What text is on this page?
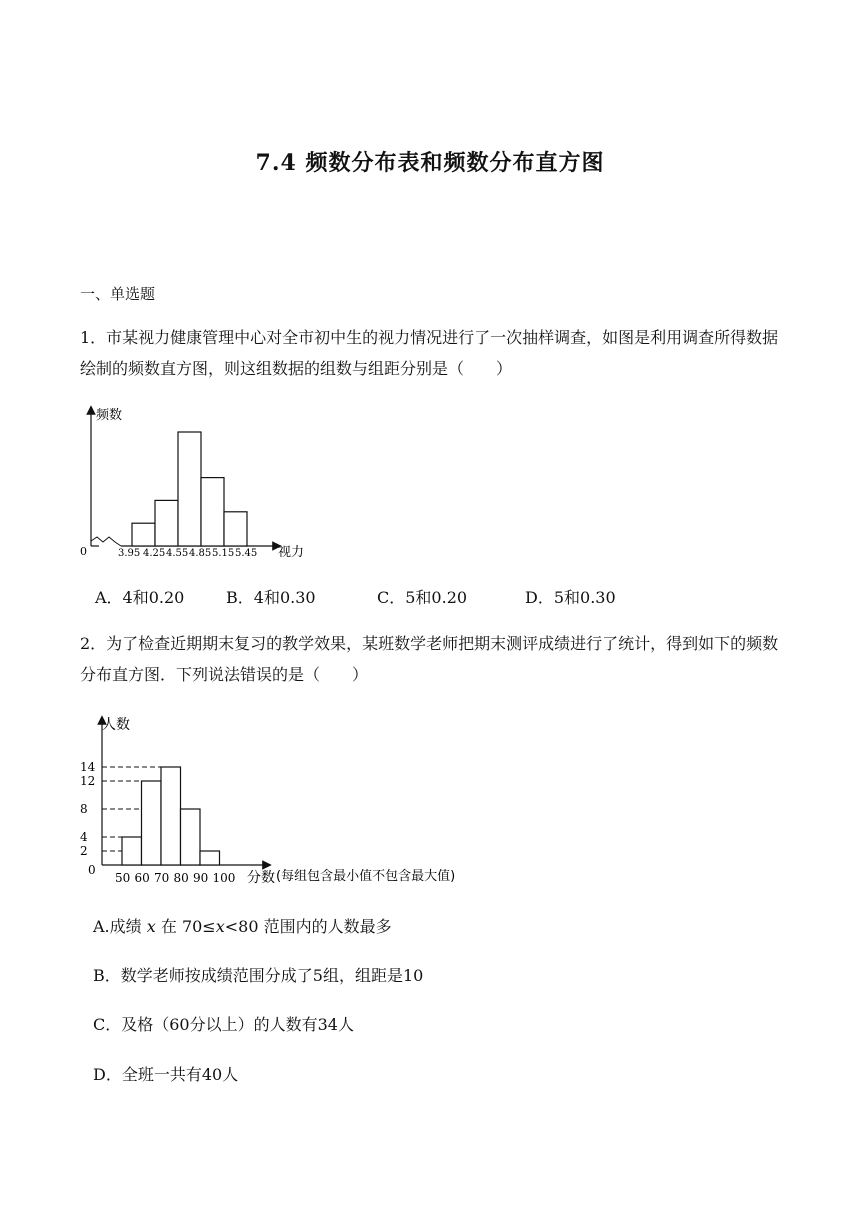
7.4 频数分布表和频数分布直方图
一、单选题
1．市某视力健康管理中心对全市初中生的视力情况进行了一次抽样调查，如图是利用调查所得数据绘制的频数直方图，则这组数据的组数与组距分别是（　　）
频数
视力
0	3.95 4.25 4.55 4.85 5.15 5.45
A．4和0.20	B．4和0.30	C．5和0.20	D．5和0.30
2．为了检查近期期末复习的教学效果，某班数学老师把期末测评成绩进行了统计，得到如下的频数分布直方图．下列说法错误的是（　　）
人数
分数 (每组包含最小值不包含最大值)
0
2
4
8
12
14
50 60 70 80 90 100
A.成绩 x 在 70≤x<80 范围内的人数最多
B．数学老师按成绩范围分成了5组，组距是10
C．及格（60分以上）的人数有34人
D．全班一共有40人
